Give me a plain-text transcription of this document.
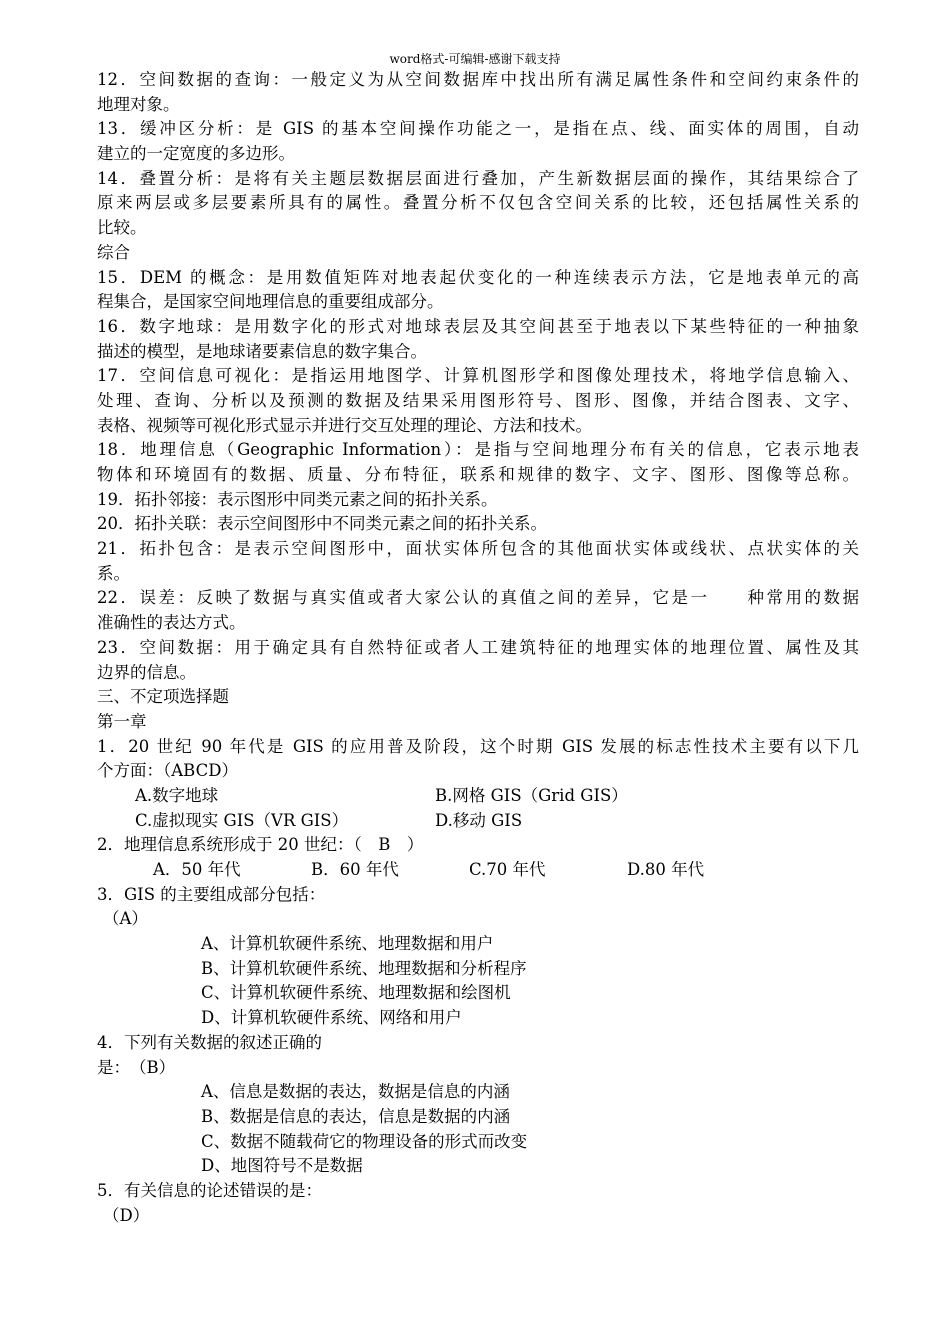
word格式-可编辑-感谢下载支持
12．空间数据的查询：一般定义为从空间数据库中找出所有满足属性条件和空间约束条件的
地理对象。
13．缓冲区分析：是 GIS 的基本空间操作功能之一，是指在点、线、面实体的周围，自动
建立的一定宽度的多边形。
14．叠置分析：是将有关主题层数据层面进行叠加，产生新数据层面的操作，其结果综合了
原来两层或多层要素所具有的属性。叠置分析不仅包含空间关系的比较，还包括属性关系的
比较。
综合
15．DEM 的概念：是用数值矩阵对地表起伏变化的一种连续表示方法，它是地表单元的高
程集合，是国家空间地理信息的重要组成部分。
16．数字地球：是用数字化的形式对地球表层及其空间甚至于地表以下某些特征的一种抽象
描述的模型，是地球诸要素信息的数字集合。
17．空间信息可视化：是指运用地图学、计算机图形学和图像处理技术，将地学信息输入、
处理、查询、分析以及预测的数据及结果采用图形符号、图形、图像，并结合图表、文字、
表格、视频等可视化形式显示并进行交互处理的理论、方法和技术。
18．地理信息（Geographic Information）：是指与空间地理分布有关的信息，它表示地表
物体和环境固有的数据、质量、分布特征，联系和规律的数字、文字、图形、图像等总称。
19．拓扑邻接：表示图形中同类元素之间的拓扑关系。
20．拓扑关联：表示空间图形中不同类元素之间的拓扑关系。
21．拓扑包含：是表示空间图形中，面状实体所包含的其他面状实体或线状、点状实体的关
系。
22．误差：反映了数据与真实值或者大家公认的真值之间的差异，它是一　　种常用的数据
准确性的表达方式。
23．空间数据：用于确定具有自然特征或者人工建筑特征的地理实体的地理位置、属性及其
边界的信息。
三、不定项选择题
第一章
1．20 世纪 90 年代是 GIS 的应用普及阶段，这个时期 GIS 发展的标志性技术主要有以下几
个方面：（ABCD）
A.数字地球	B.网格 GIS（Grid GIS）
C.虚拟现实 GIS（VR GIS）	D.移动 GIS
2．地理信息系统形成于 20 世纪：（　B　）
A．50 年代	B．60 年代	C.70 年代	D.80 年代
3．GIS 的主要组成部分包括：
（A）
A、计算机软硬件系统、地理数据和用户
B、计算机软硬件系统、地理数据和分析程序
C、计算机软硬件系统、地理数据和绘图机
D、计算机软硬件系统、网络和用户
4．下列有关数据的叙述正确的
是：　（B）
A、信息是数据的表达，数据是信息的内涵
B、数据是信息的表达，信息是数据的内涵
C、数据不随载荷它的物理设备的形式而改变
D、地图符号不是数据
5．有关信息的论述错误的是：
（D）
